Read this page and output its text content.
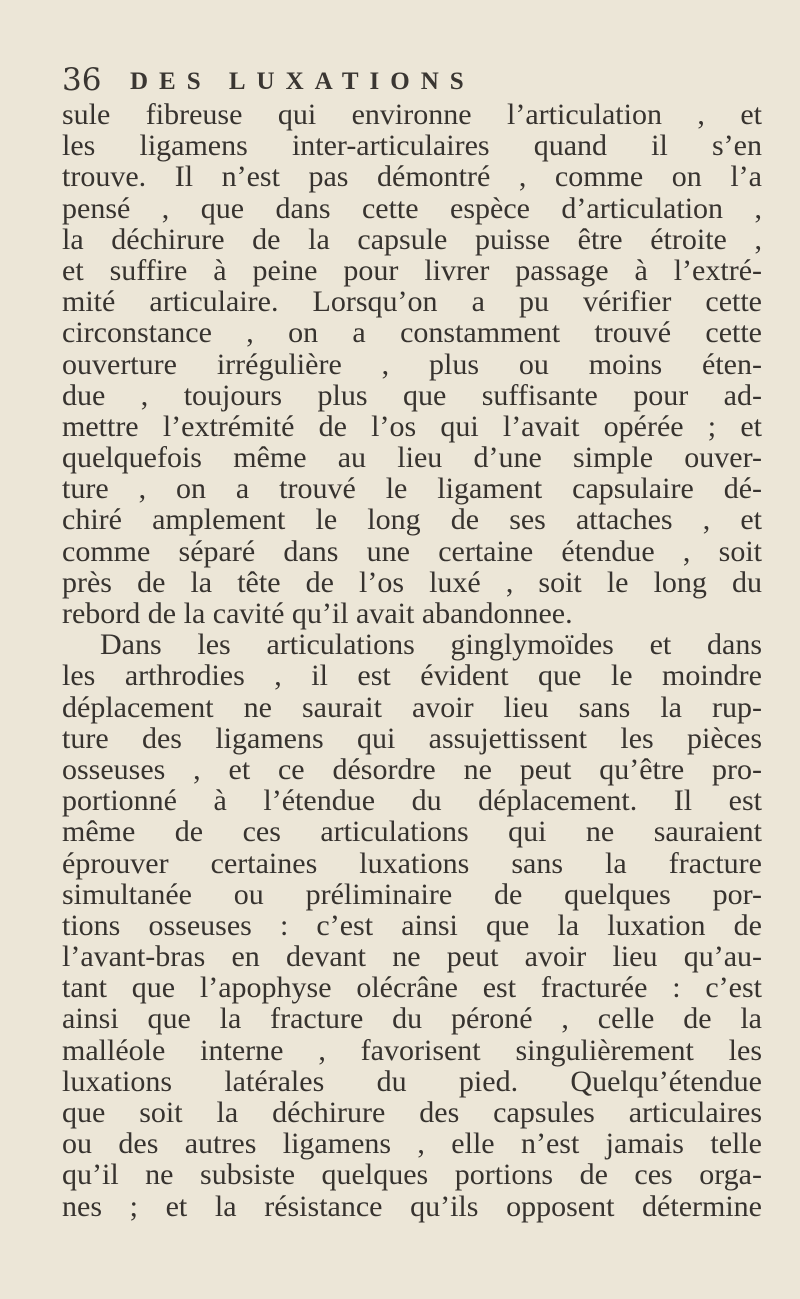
36 DES LUXATIONS
sule fibreuse qui environne l’articulation , et
les ligamens inter-articulaires quand il s’en
trouve. Il n’est pas démontré , comme on l’a
pensé , que dans cette espèce d’articulation ,
la déchirure de la capsule puisse être étroite ,
et suffire à peine pour livrer passage à l’extré-
mité articulaire. Lorsqu’on a pu vérifier cette
circonstance , on a constamment trouvé cette
ouverture irrégulière , plus ou moins éten-
due , toujours plus que suffisante pour ad-
mettre l’extrémité de l’os qui l’avait opérée ; et
quelquefois même au lieu d’une simple ouver-
ture , on a trouvé le ligament capsulaire dé-
chiré amplement le long de ses attaches , et
comme séparé dans une certaine étendue , soit
près de la tête de l’os luxé , soit le long du
rebord de la cavité qu’il avait abandonnee.
Dans les articulations ginglymoïdes et dans
les arthrodies , il est évident que le moindre
déplacement ne saurait avoir lieu sans la rup-
ture des ligamens qui assujettissent les pièces
osseuses , et ce désordre ne peut qu’être pro-
portionné à l’étendue du déplacement. Il est
même de ces articulations qui ne sauraient
éprouver certaines luxations sans la fracture
simultanée ou préliminaire de quelques por-
tions osseuses : c’est ainsi que la luxation de
l’avant-bras en devant ne peut avoir lieu qu’au-
tant que l’apophyse olécrâne est fracturée : c’est
ainsi que la fracture du péroné , celle de la
malléole interne , favorisent singulièrement les
luxations latérales du pied. Quelqu’étendue
que soit la déchirure des capsules articulaires
ou des autres ligamens , elle n’est jamais telle
qu’il ne subsiste quelques portions de ces orga-
nes ; et la résistance qu’ils opposent détermine
